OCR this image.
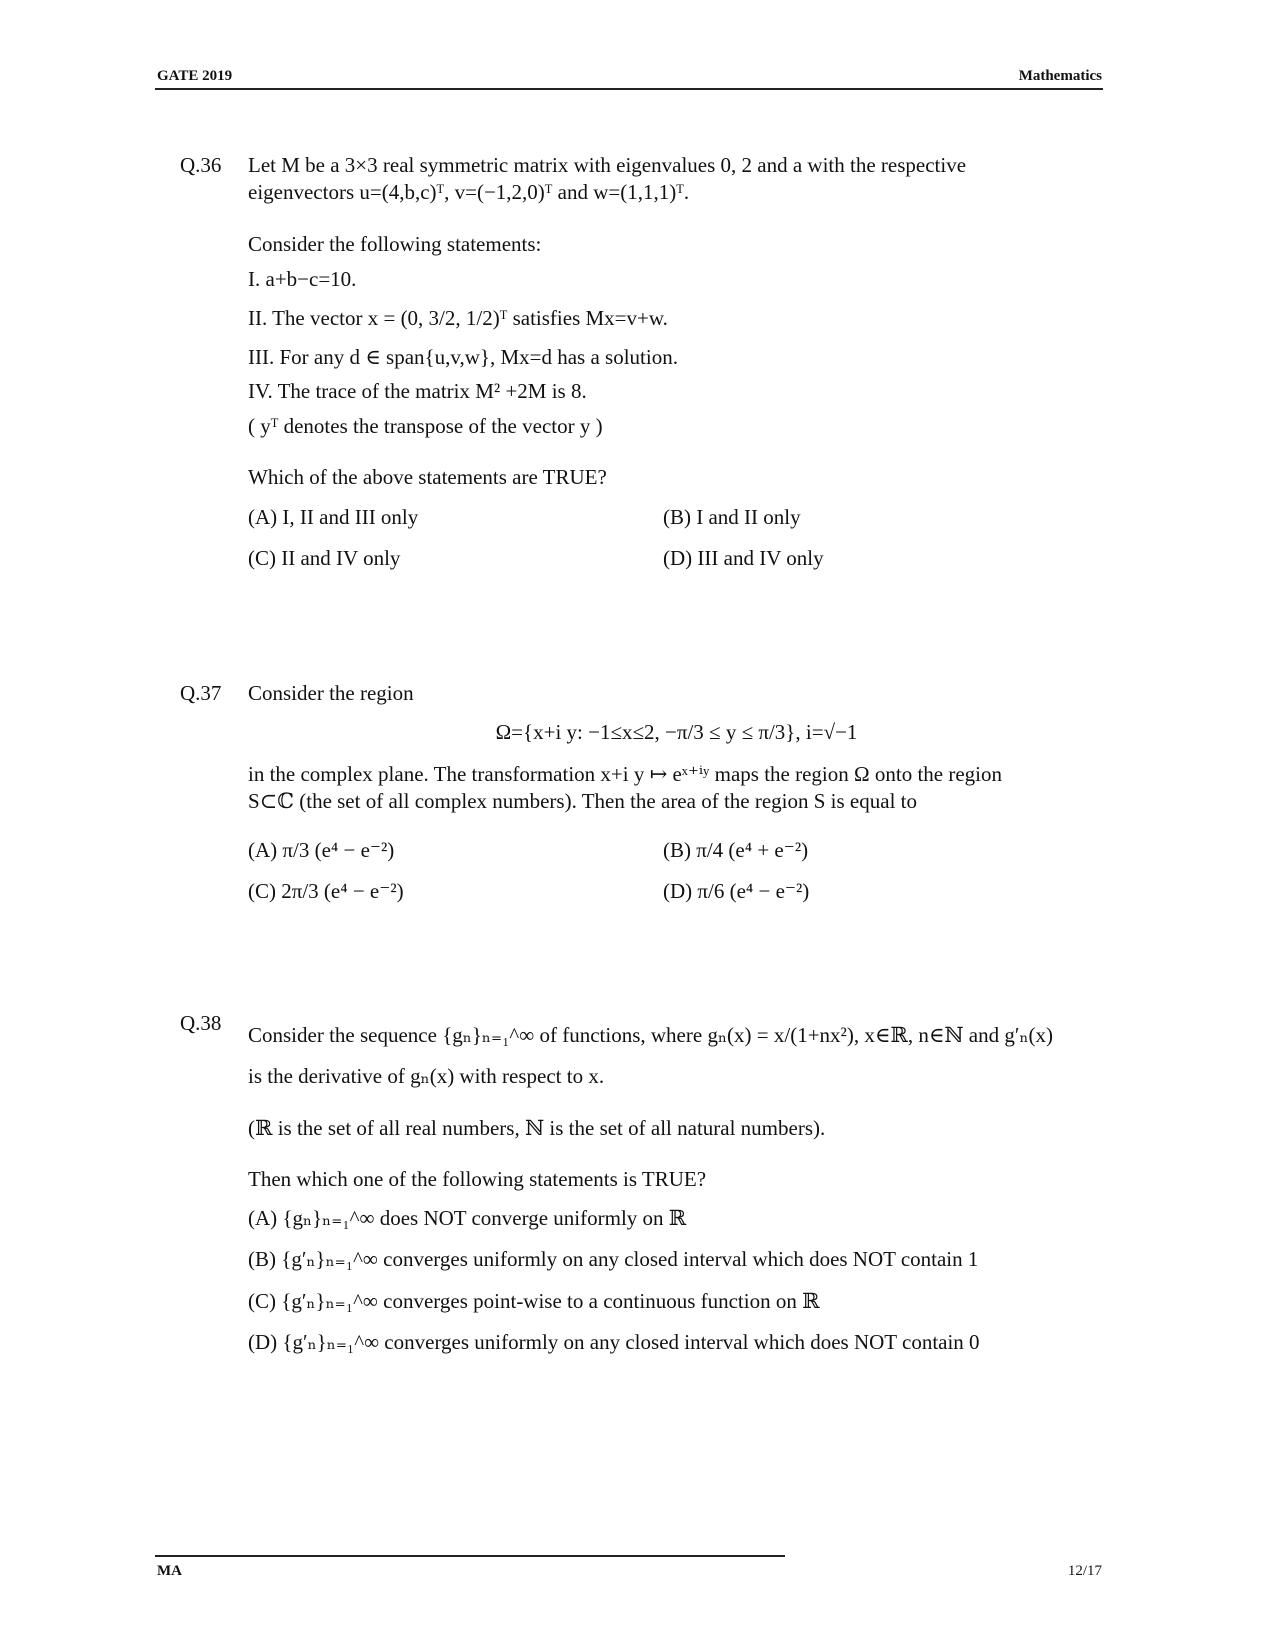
GATE 2019	Mathematics
Q.36	Let M be a 3×3 real symmetric matrix with eigenvalues 0, 2 and a with the respective

eigenvectors u=(4,b,c)ᵀ, v=(−1,2,0)ᵀ and w=(1,1,1)ᵀ.

Consider the following statements:

I. a+b−c=10.

II. The vector x = (0, 3/2, 1/2)ᵀ satisfies Mx=v+w.

III. For any d ∈ span{u,v,w}, Mx=d has a solution.

IV. The trace of the matrix M² +2M is 8.

( yᵀ denotes the transpose of the vector y )

Which of the above statements are TRUE?

(A) I, II and III only	(B) I and II only
(C) II and IV only	(D) III and IV only
Q.37	Consider the region

Ω={x+i y: −1≤x≤2, −π/3 ≤ y ≤ π/3}, i=√−1

in the complex plane. The transformation x+i y ↦ eˣ⁺ⁱʸ maps the region Ω onto the region

S⊂ℂ (the set of all complex numbers). Then the area of the region S is equal to

(A) π/3 (e⁴ − e⁻²)	(B) π/4 (e⁴ + e⁻²)
(C) 2π/3 (e⁴ − e⁻²)	(D) π/6 (e⁴ − e⁻²)
Q.38	Consider the sequence {gₙ}ₙ₌₁^∞ of functions, where gₙ(x) = x/(1+nx²), x∈ℝ, n∈ℕ and g′ₙ(x)

is the derivative of gₙ(x) with respect to x.

(ℝ is the set of all real numbers, ℕ is the set of all natural numbers).

Then which one of the following statements is TRUE?

(A) {gₙ}ₙ₌₁^∞ does NOT converge uniformly on ℝ
(B) {g′ₙ}ₙ₌₁^∞ converges uniformly on any closed interval which does NOT contain 1
(C) {g′ₙ}ₙ₌₁^∞ converges point-wise to a continuous function on ℝ
(D) {g′ₙ}ₙ₌₁^∞ converges uniformly on any closed interval which does NOT contain 0
MA	12/17
